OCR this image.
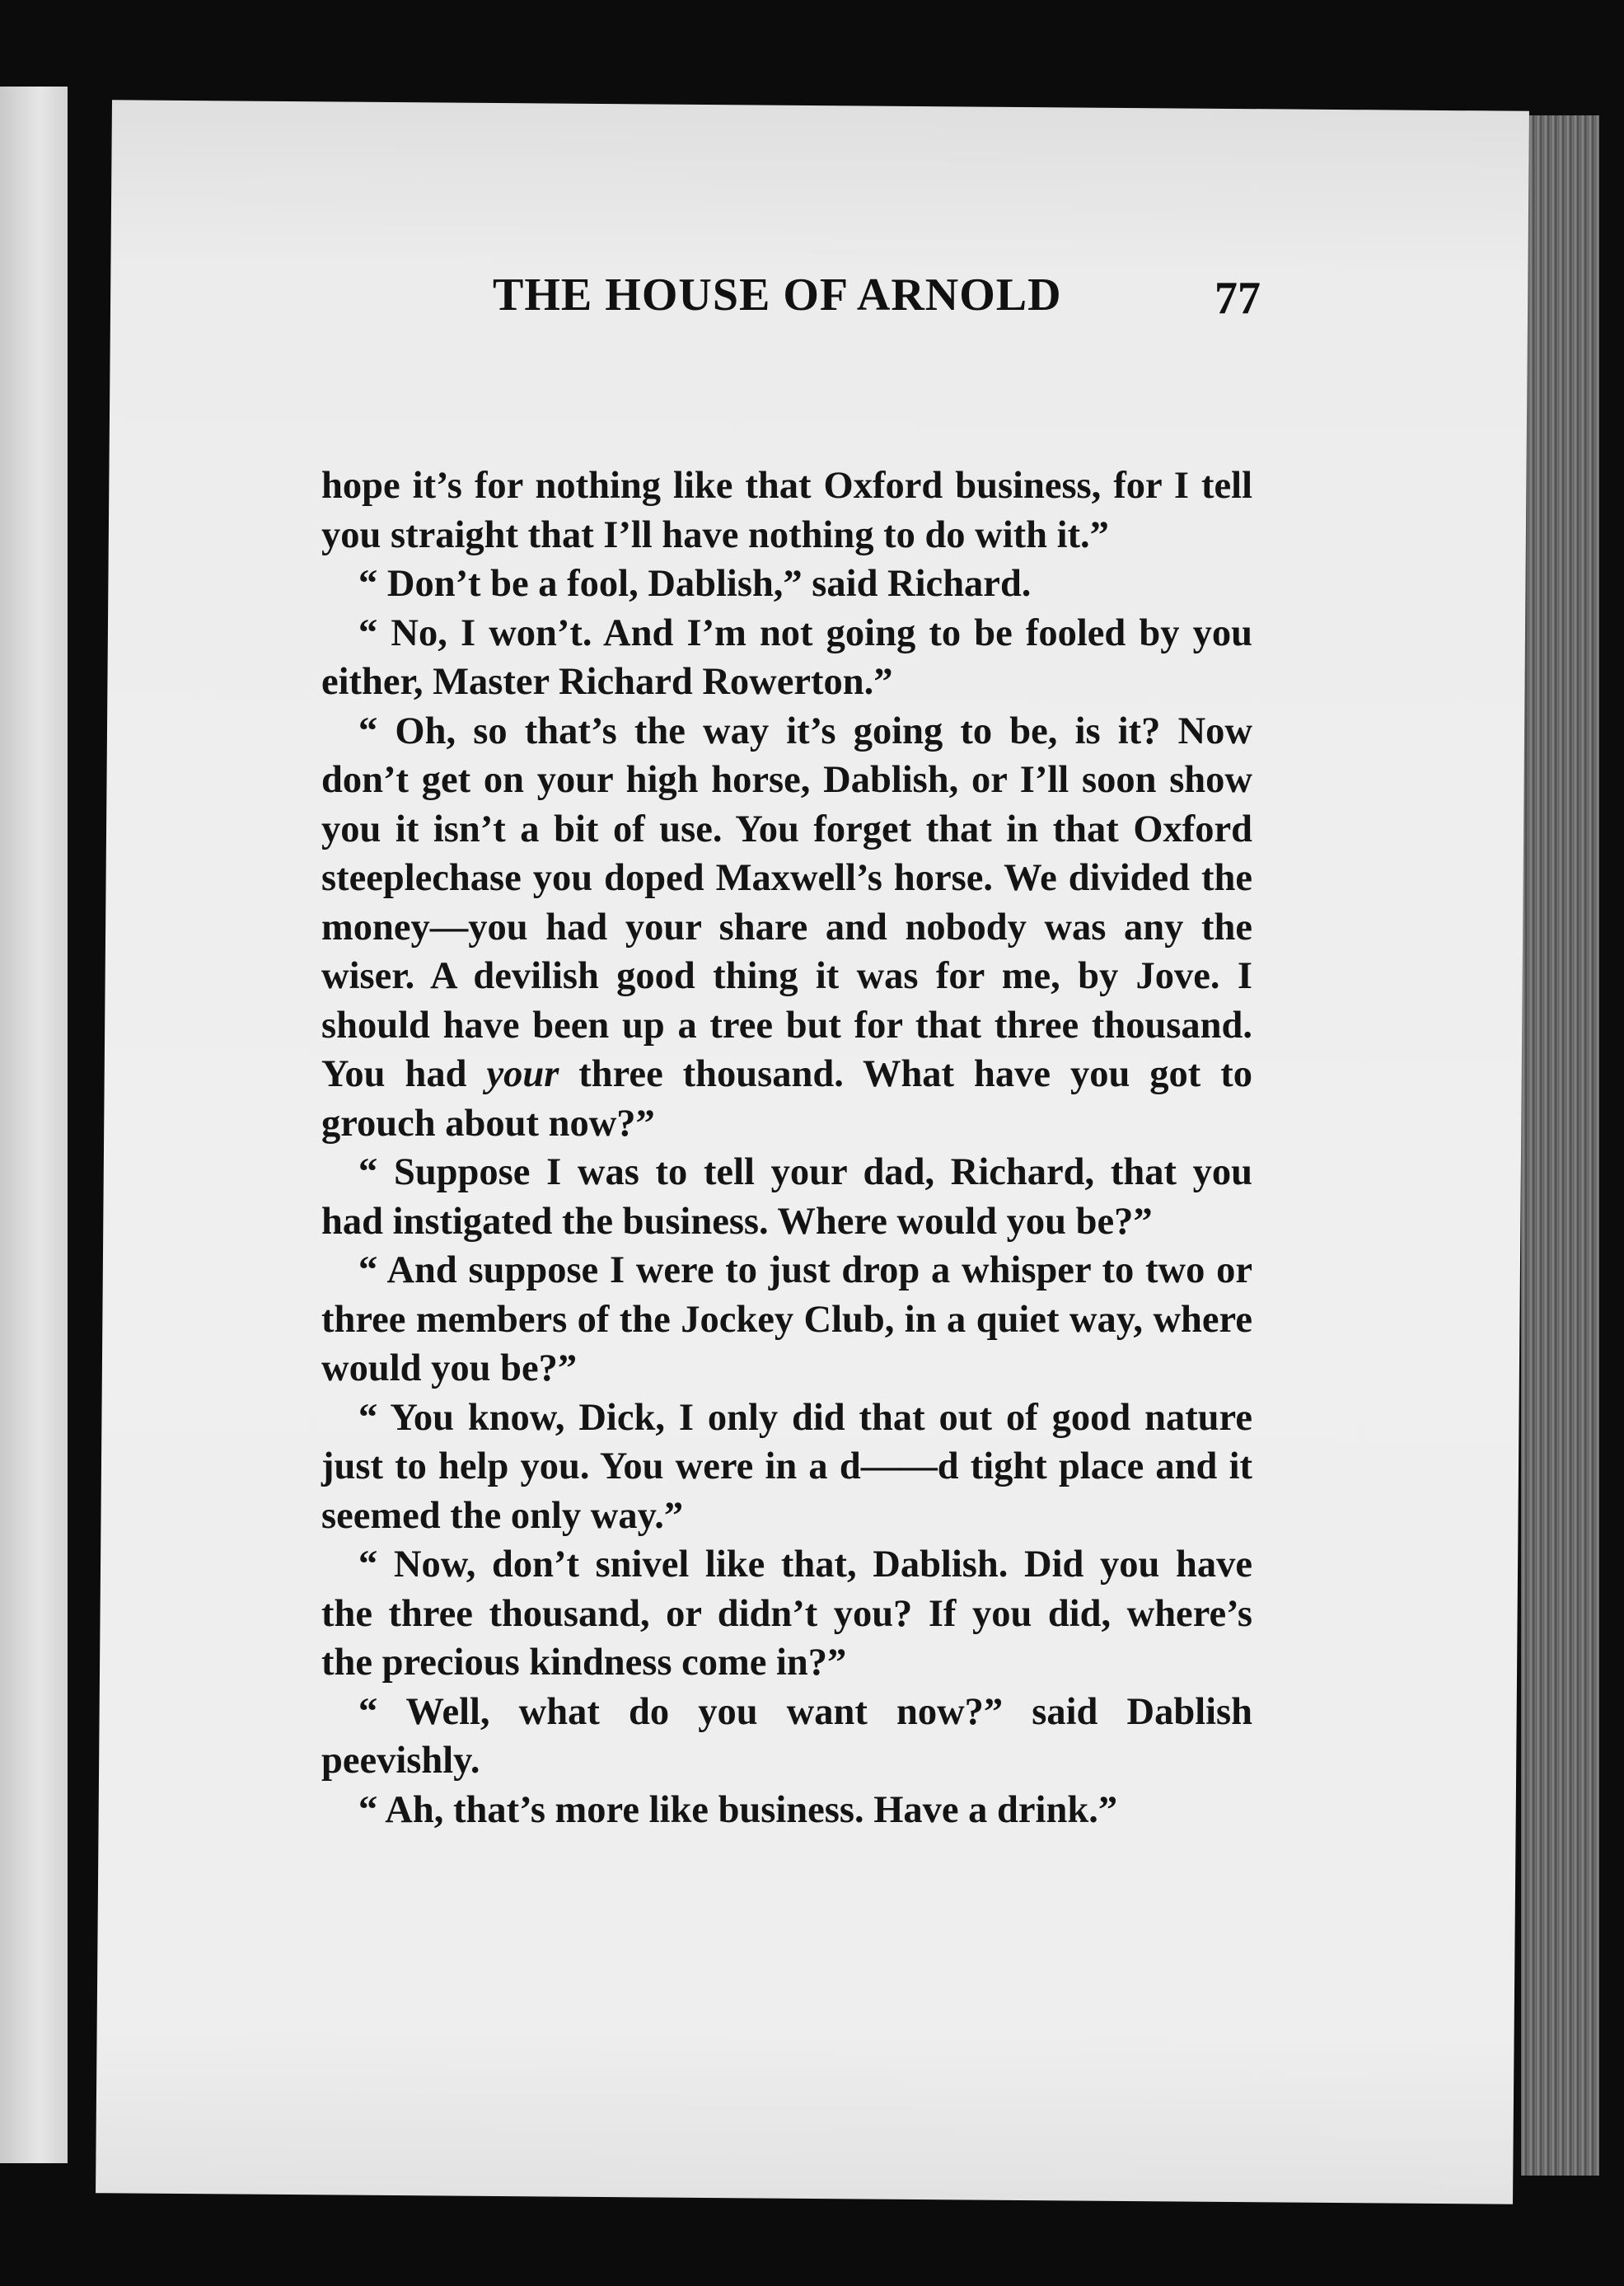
THE HOUSE OF ARNOLD	77

hope it’s for nothing like that Oxford business, for I tell you straight that I’ll have nothing to do with it.”

“ Don’t be a fool, Dablish,” said Richard.

“ No, I won’t. And I’m not going to be fooled by you either, Master Richard Rowerton.”

“ Oh, so that’s the way it’s going to be, is it? Now don’t get on your high horse, Dablish, or I’ll soon show you it isn’t a bit of use. You forget that in that Oxford steeplechase you doped Maxwell’s horse. We divided the money—you had your share and nobody was any the wiser. A devilish good thing it was for me, by Jove. I should have been up a tree but for that three thousand. You had your three thousand. What have you got to grouch about now?”

“ Suppose I was to tell your dad, Richard, that you had instigated the business. Where would you be?”

“ And suppose I were to just drop a whisper to two or three members of the Jockey Club, in a quiet way, where would you be?”

“ You know, Dick, I only did that out of good nature just to help you. You were in a d——d tight place and it seemed the only way.”

“ Now, don’t snivel like that, Dablish. Did you have the three thousand, or didn’t you? If you did, where’s the precious kindness come in?”

“ Well, what do you want now?” said Dablish peevishly.

“ Ah, that’s more like business. Have a drink.”
